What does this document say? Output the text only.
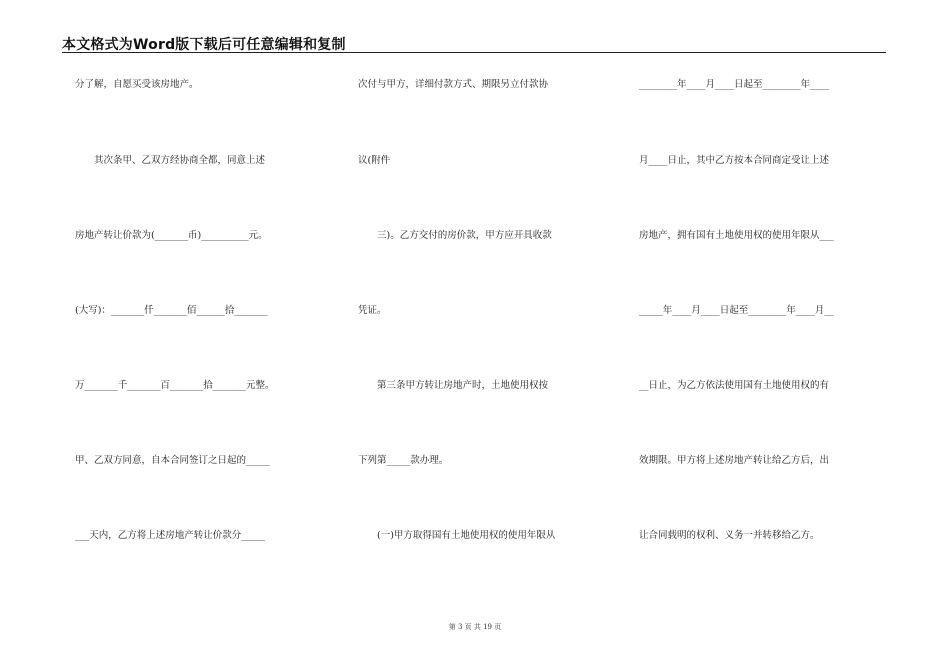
本文格式为Word版下载后可任意编辑和复制
分了解，自愿买受该房地产。
　　其次条甲、乙双方经协商全都，同意上述
房地产转让价款为(_______币)__________元。
(大写)：_______仟_______佰______拾_______
万_______千_______百_______拾_______元整。
甲、乙双方同意，自本合同签订之日起的_____
___天内，乙方将上述房地产转让价款分_____
次付与甲方，详细付款方式、期限另立付款协
议(附件
　　三)。乙方交付的房价款，甲方应开具收款
凭证。
　　第三条甲方转让房地产时，土地使用权按
下列第_____款办理。
　　(一)甲方取得国有土地使用权的使用年限从
________年____月____日起至________年____
月____日止，其中乙方按本合同商定受让上述
房地产，拥有国有土地使用权的使用年限从___
_____年____月____日起至________年____月__
__日止，为乙方依法使用国有土地使用权的有
效期限。甲方将上述房地产转让给乙方后，出
让合同载明的权利、义务一并转移给乙方。
第 3 页 共 19 页
